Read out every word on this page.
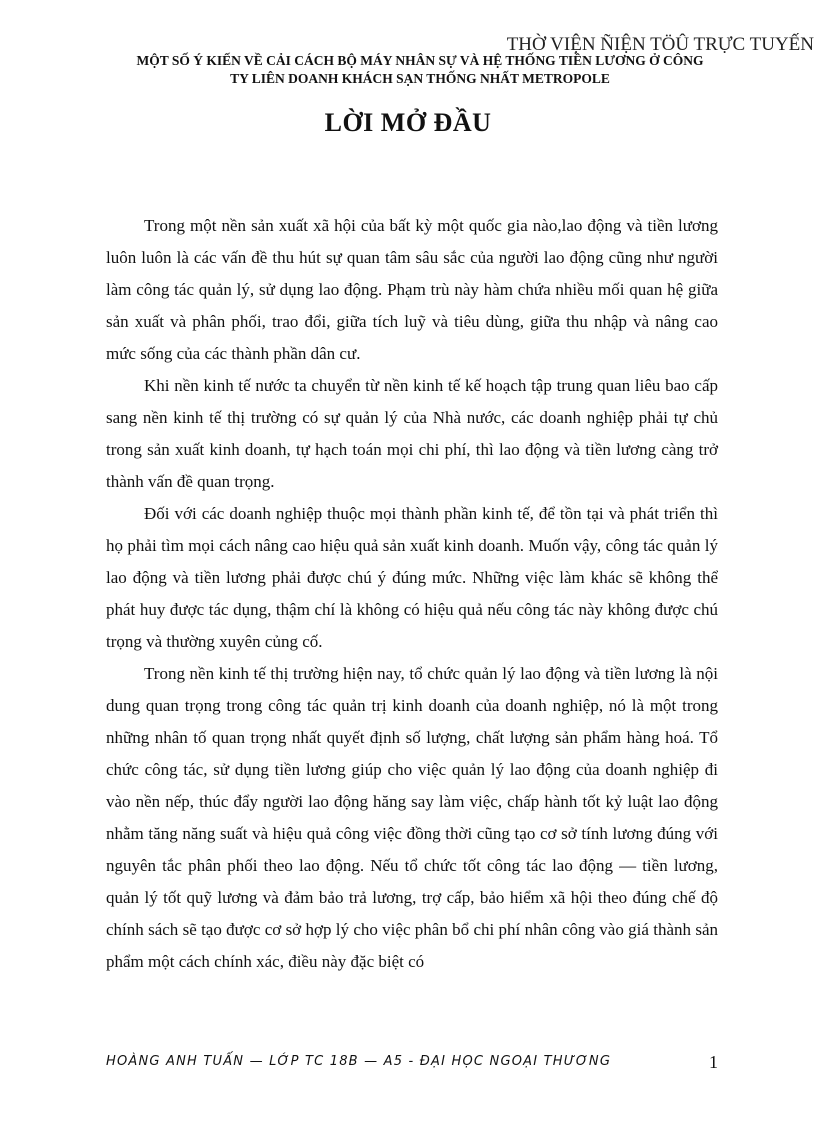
THỜ VIỆN ÑIỆN TÖÛ TRỰC TUYẾN
MỘT SỐ Ý KIẾN VỀ CẢI CÁCH BỘ MÁY NHÂN SỰ VÀ HỆ THỐNG TIỀN LƯƠNG Ở CÔNG
TY LIÊN DOANH KHÁCH SẠN THỐNG NHẤT METROPOLE
LỜI MỞ ĐẦU

Trong một nền sản xuất xã hội của bất kỳ một quốc gia nào,lao động và tiền lương luôn luôn là các vấn đề thu hút sự quan tâm sâu sắc của người lao động cũng như người làm công tác quản lý, sử dụng lao động. Phạm trù này hàm chứa nhiều mối quan hệ giữa sản xuất và phân phối, trao đổi, giữa tích luỹ và tiêu dùng, giữa thu nhập và nâng cao mức sống của các thành phần dân cư.

Khi nền kinh tế nước ta chuyển từ nền kinh tế kế hoạch tập trung quan liêu bao cấp sang nền kinh tế thị trường có sự quản lý của Nhà nước, các doanh nghiệp phải tự chủ trong sản xuất kinh doanh, tự hạch toán mọi chi phí, thì lao động và tiền lương càng trở thành vấn đề quan trọng.

Đối với các doanh nghiệp thuộc mọi thành phần kinh tế, để tồn tại và phát triển thì họ phải tìm mọi cách nâng cao hiệu quả sản xuất kinh doanh. Muốn vậy, công tác quản lý lao động và tiền lương phải được chú ý đúng mức. Những việc làm khác sẽ không thể phát huy được tác dụng, thậm chí là không có hiệu quả nếu công tác này không được chú trọng và thường xuyên củng cố.

Trong nền kinh tế thị trường hiện nay, tổ chức quản lý lao động và tiền lương là nội dung quan trọng trong công tác quản trị kinh doanh của doanh nghiệp, nó là một trong những nhân tố quan trọng nhất quyết định số lượng, chất lượng sản phẩm hàng hoá. Tổ chức công tác, sử dụng tiền lương giúp cho việc quản lý lao động của doanh nghiệp đi vào nền nếp, thúc đẩy người lao động hăng say làm việc, chấp hành tốt kỷ luật lao động nhằm tăng năng suất và hiệu quả công việc đồng thời cũng tạo cơ sở tính lương đúng với nguyên tắc phân phối theo lao động. Nếu tổ chức tốt công tác lao động — tiền lương, quản lý tốt quỹ lương và đảm bảo trả lương, trợ cấp, bảo hiểm xã hội theo đúng chế độ chính sách sẽ tạo được cơ sở hợp lý cho việc phân bổ chi phí nhân công vào giá thành sản phẩm một cách chính xác, điều này đặc biệt có

HOÀNG ANH TUẤN — LỚP TC 18B — A5 - ĐẠI HỌC NGOẠI THƯƠNG	1
